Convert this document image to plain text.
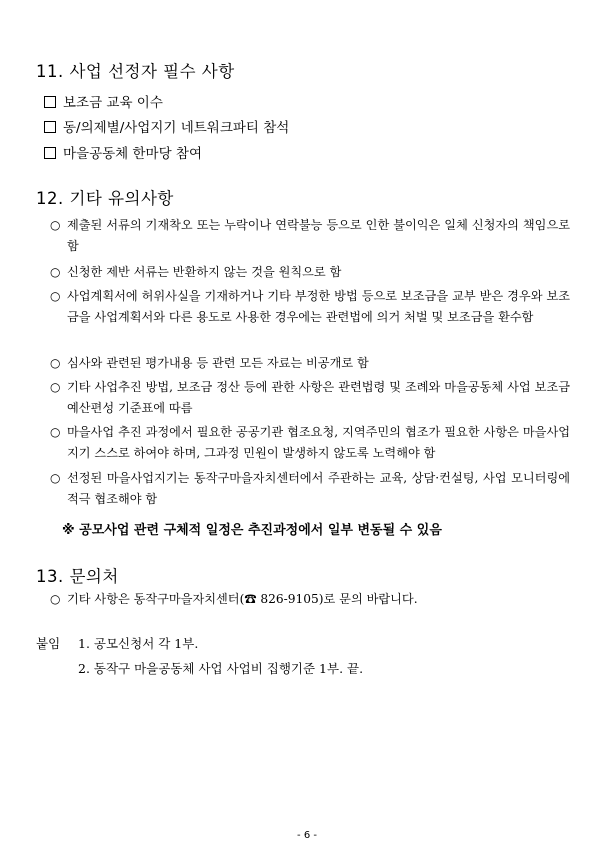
11. 사업 선정자 필수 사항
보조금 교육 이수
동/의제별/사업지기 네트워크파티 참석
마을공동체 한마당 참여
12. 기타 유의사항
○ 제출된 서류의 기재착오 또는 누락이나 연락불능 등으로 인한 불이익은 일체 신청자의 책임으로 함
○ 신청한 제반 서류는 반환하지 않는 것을 원칙으로 함
○ 사업계획서에 허위사실을 기재하거나 기타 부정한 방법 등으로 보조금을 교부 받은 경우와 보조금을 사업계획서와 다른 용도로 사용한 경우에는 관련법에 의거 처벌 및 보조금을 환수함
○ 심사와 관련된 평가내용 등 관련 모든 자료는 비공개로 함
○ 기타 사업추진 방법, 보조금 정산 등에 관한 사항은 관련법령 및 조례와 마을공동체 사업 보조금 예산편성 기준표에 따름
○ 마을사업 추진 과정에서 필요한 공공기관 협조요청, 지역주민의 협조가 필요한 사항은 마을사업지기 스스로 하여야 하며, 그과정 민원이 발생하지 않도록 노력해야 함
○ 선정된 마을사업지기는 동작구마을자치센터에서 주관하는 교육, 상담·컨설팅, 사업 모니터링에 적극 협조해야 함
※ 공모사업 관련 구체적 일정은 추진과정에서 일부 변동될 수 있음
13. 문의처
○ 기타 사항은 동작구마을자치센터(☎ 826-9105)로 문의 바랍니다.
붙임 1. 공모신청서 각 1부.
2. 동작구 마을공동체 사업 사업비 집행기준 1부. 끝.
- 6 -
